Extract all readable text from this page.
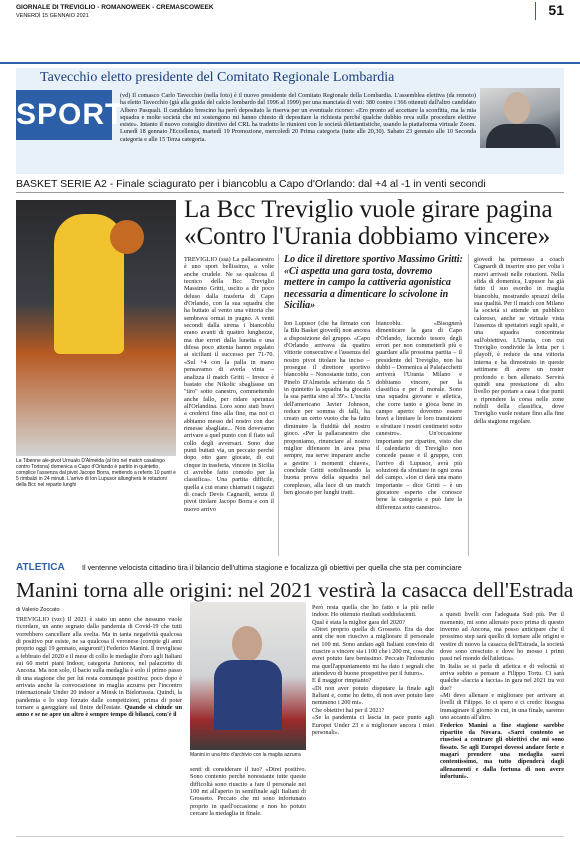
GIORNALE DI TREVIGLIO - ROMANOWEEK - CREMASCOWEEK
VENERDÌ 15 GENNAIO 2021	51
Tavecchio eletto presidente del Comitato Regionale Lombardia
SPORT
(vd) Il comasco Carlo Tavecchio (nella foto) è il nuovo presidente del Comitato Regionale della Lombardia. L'assemblea elettiva (da remoto) ha eletto Tavecchio (già alla guida del calcio lombardo dal 1996 al 1999) per una manciata di voti: 380 contro i 366 ottenuti dall'altro candidato Albero Pasquali. Il candidato brescino ha però depositato la riserva per un eventuale ricorso: «Ero pronto ad accettare la sconfitta, ma la mia squadra e molte società che mi sostengono mi hanno chiesto di depositare la richiesta perché qualche dubbio reva sulle procedure elettive esiste». Intanto il nuovo consiglio direttivo del CRL ha tradotto le riunioni con le società dilettantistiche, usando la piattaforma virtuale Zoom. Lunedì 18 gennaio l'Eccellenza, martedì 19 Promozione, mercoledì 20 Prima categoria (tutte alle 20,30). Sabato 23 gennaio alle 10 Seconda categoria e alle 15 Terza categoria.
BASKET SERIE A2 - Finale sciagurato per i biancoblu a Capo d'Orlando: dal +4 al -1 in venti secondi
La Bcc Treviglio vuole girare pagina
«Contro l'Urania dobbiamo vincere»
La Tibenne ale-pivot Urnualo D'Almeida (al tiro nel match casalingo contro Tortona) domenica a Capo d'Orlando è partito in quintetto, complice l'assenza dal pivot Jacopo Borra, mettendo a referto 10 punti e 5 rimbalzi in 24 minuti. L'arrivo di Ion Lupusor allungherà le rotazioni della Bcc nel reparto lunghi
TREVIGLIO (ssa) La pallacanestro è uno sport bellissimo, a volte anche crudele. Ne sa qualcosa il tecnico della Bcc Treviglio Massimo Gritti, uscito a dir poco deluso dalla trasferta di Capo d'Orlando, con la sua squadra che ha buttato al vento una vittoria che sembrava ormai in pugno. A venti secondi dalla sirena i biancoblu erano avanti di quattro lunghezze, ma due errori dalla lunetta e una difesa poco attenta hanno regalato ai siciliani il successo per 71-70. «Sul +4 con la palla in mano pensavamo di averla vinta – analizza il match Gritti – Invece è bastato che Nikolic sbagliasse un "tiro" sotto canestro, commettendo anche fallo, per ridare speranza all'Orlandina. Loro sono stati bravi a crederci fino alla fine, ma noi ci abbiamo messo del nostro con due rimesse sbagliate... Non dovevamo arrivare a quel punto con il fiato sul collo degli avversari. Sono due punti buttati via, un peccato perché dopo otto gare giocate, di cui cinque in trasferta, vincere in Sicilia ci avrebbe fatto comodo per la classifica». Una partita difficile, quella a cui erano chiamati i ragazzi di coach Devis Cagnardi, senza il pivot titolare Jacopo Borra e con il nuovo arrivo
Lo dice il direttore sportivo Massimo Gritti: «Ci aspetta una gara tosta, dovremo mettere in campo la cattiveria agonistica necessaria a dimenticare lo scivolone in Sicilia»
Ion Lupusor (che ha firmato con la Blu Basket giovedì) non ancora a disposizione del gruppo. «Capo d'Orlando arrivava da quattro vittorie consecutive e l'assenza del nostro pivot titolare ha inciso – prosegue il direttore sportivo biancoblu – Nonostante tutto, con Pinelo D'Almeida schierato da 5 in quintetto la squadra ha giocato la sua partita sino al 39'». L'uscita dell'americano Javier Johnson, reduce per somma di falli, ha creato un certo vuoto che ha fatto diminuire la fluidità del nostro gioco. «Per la pallacanestro che proponiamo, rinunciare al nostro miglior difensore in area pesa sempre, ma serve imparare anche a gestire i momenti chiave», conclude Gritti sottolineando la buona prova della squadra nel complesso, alla luce di un match ben giocato per lunghi tratti.
biancoblu. «Bisognerà dimenticare la gara di Capo d'Orlando, facendo tesoro degli errori per non commetterli più e guardare alla prossima partita – il presidente del Treviglio, non ha dubbi – Domenica al Palafacchetti arriverà l'Urania Milano e dobbiamo vincere, per la classifica e per il morale. Sono una squadra giovane e atletica, che corre tanto e gioca bene in campo aperto: dovremo essere bravi a limitare le loro transizioni e sfruttare i nostri centimetri sotto canestro». Un'occasione importante per ripartire, visto che il calendario di Treviglio non concede pause e il gruppo, con l'arrivo di Lupusor, avrà più soluzioni da sfruttare in ogni zona del campo. «Ion ci darà una mano importante – dice Gritti – è un giocatore esperto che conosce bene la categoria e può fare la differenza sotto canestro».
giovedì ha permesso a coach Cagnardi di inserire uno per volta i nuovi arrivati nelle rotazioni. Nella sfida di domenica, Lupusor ha già fatto il suo esordio in maglia biancoblu, mostrando sprazzi della sua qualità. Per il match con Milano la società si attende un pubblico caloroso, anche se virtuale vista l'assenza di spettatori sugli spalti, e una squadra concentrata sull'obiettivo. L'Urania, con cui Treviglio condivide la lotta per i playoff, è reduce da una vittoria interna e ha dimostrato in queste settimane di avere un roster profondo e ben allenato. Servirà quindi una prestazione di alto livello per portare a casa i due punti e riprendere la corsa nelle zone nobili della classifica, dove Treviglio vuole restare fino alla fine della stagione regolare.
ATLETICA Il ventenne velocista cittadino tira il bilancio dell'ultima stagione e focalizza gli obiettivi per quella che sta per cominciare
Manini torna alle origini: nel 2021 vestirà la casacca dell'Estrada
di Valerio Zoccato
TREVIGLIO (vzc) Il 2021 è stato un anno che nessuno vuole ricordare, un anno segnato dalla pandemia di Covid-19 che tutti vorrebbero cancellare alla svelta. Ma in tanta negatività qualcosa di positivo pur esiste, ne sa qualcosa il veronese (compie gli anni proprio oggi 19 gennaio, auguroni!) Federico Manini. Il trevigliese a febbraio del 2020 e il mese di collo le medaglie d'oro agli Italiani sui 60 metri piani Indoor, categoria Juniores, nel palazzetto di Ancona. Ma non solo, il bacio sulla medaglia è solo il primo passo di una stagione che per lui resta comunque positiva: poco dopo è arrivata anche la convocazione in maglia azzurra per l'incontro internazionale Under 20 indoor a Minsk in Bielorussia. Quindi, la pandemia e lo stop forzato dalle competizioni, prima di poter tornare a gareggiare sul finire dell'estate. Quando si chiude un anno e se ne apre un altro è sempre tempo di bilanci, com'è il
Manini in una foto d'archivio con la maglia azzurra
senti di considerare il tuo? «Direi positivo. Sono contento perché nonostante tutte queste difficoltà sono riuscito a fare il personale nei 100 mt all'aperto in semifinale agli Italiani di Grosseto. Peccato che mi sono infortunato proprio in quell'occasione e non ho potuto cercare la medaglia in finale.
Però resta quella che ho fatto e la più nelle indoor. Ho ottenuto risultati soddisfacenti.
Qual è stata la miglior gara del 2020?
«Direi proprio quella di Grosseto. Era da due anni che non riuscivo a migliorare il personale nei 100 mt. Sono andato agli Italiani convinto di riuscire a vincere sia i 100 che i 200 mt, cosa che avrei potuto fare benissimo. Peccato l'infortunio ma quell'appuntamento mi ha dato i segnali che attendevo di buone prospettive per il futuro».
E il maggior rimpianto?
«Di non aver potuto disputare la finale agli Italiani e, come ho detto, di non aver potuto fare nemmeno i 200 mt».
Che obiettivi hai per il 2021?
«Se la pandemia ci lascia in pace punto agli Europei Under 23 e a migliorare ancora i miei personali».

a questi livelli con l'adeguata Sud più. Per il momento, mi sono allenato poco prima di questo inverno ad Ancona, ma posso anticipare che il prossimo step sarà quello di tornare alle origini e vestire di nuovo la casacca dell'Estrada, la società dove sono cresciuto e dove ho mosso i primi passi nel mondo dell'atletica».
In Italia se si parla di atletica e di velocità si arriva subito a pensare a Filippo Tortu. Ci sarà qualche «faccia a faccia» in gara nel 2021 tra voi due?
«Mi devo allenare e migliorare per arrivare ai livelli di Filippo. Io ci spero e ci credo: bisogna immaginare il giorno in cui, in una finale, saremo uno accanto all'altro.
Federico Manini a fine stagione sarebbe ripartito da Novara. «Sarei contento se riuscissi a centrare gli obiettivi che mi sono fissato. Se agli Europei dovessi andare forte e magari prendere una medaglia sarei contentissimo, ma tutto dipenderà dagli allenamenti e dalla fortuna di non avere infortuni».
